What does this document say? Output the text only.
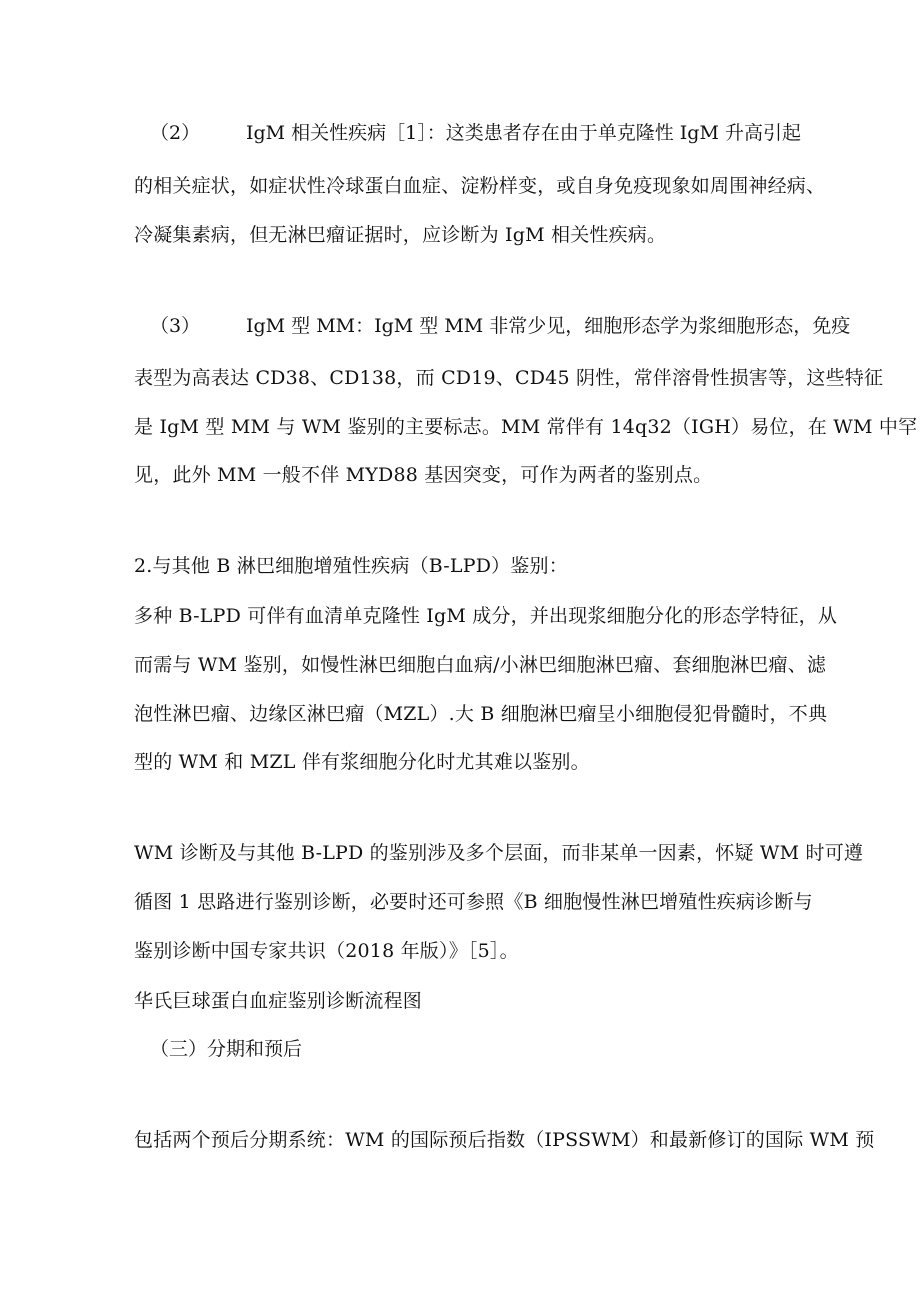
（2） IgM 相关性疾病［1］：这类患者存在由于单克隆性 IgM 升高引起
的相关症状，如症状性冷球蛋白血症、淀粉样变，或自身免疫现象如周围神经病、
冷凝集素病，但无淋巴瘤证据时，应诊断为 IgM 相关性疾病。
（3） IgM 型 MM：IgM 型 MM 非常少见，细胞形态学为浆细胞形态，免疫
表型为高表达 CD38、CD138，而 CD19、CD45 阴性，常伴溶骨性损害等，这些特征
是 IgM 型 MM 与 WM 鉴别的主要标志。MM 常伴有 14q32（IGH）易位，在 WM 中罕
见，此外 MM 一般不伴 MYD88 基因突变，可作为两者的鉴别点。
2.与其他 B 淋巴细胞增殖性疾病（B-LPD）鉴别：
多种 B-LPD 可伴有血清单克隆性 IgM 成分，并出现浆细胞分化的形态学特征，从
而需与 WM 鉴别，如慢性淋巴细胞白血病/小淋巴细胞淋巴瘤、套细胞淋巴瘤、滤
泡性淋巴瘤、边缘区淋巴瘤（MZL）.大 B 细胞淋巴瘤呈小细胞侵犯骨髓时，不典
型的 WM 和 MZL 伴有浆细胞分化时尤其难以鉴别。
WM 诊断及与其他 B-LPD 的鉴别涉及多个层面，而非某单一因素，怀疑 WM 时可遵
循图 1 思路进行鉴别诊断，必要时还可参照《B 细胞慢性淋巴增殖性疾病诊断与
鉴别诊断中国专家共识（2018 年版）》［5］。
华氏巨球蛋白血症鉴别诊断流程图
（三）分期和预后
包括两个预后分期系统：WM 的国际预后指数（IPSSWM）和最新修订的国际 WM 预
